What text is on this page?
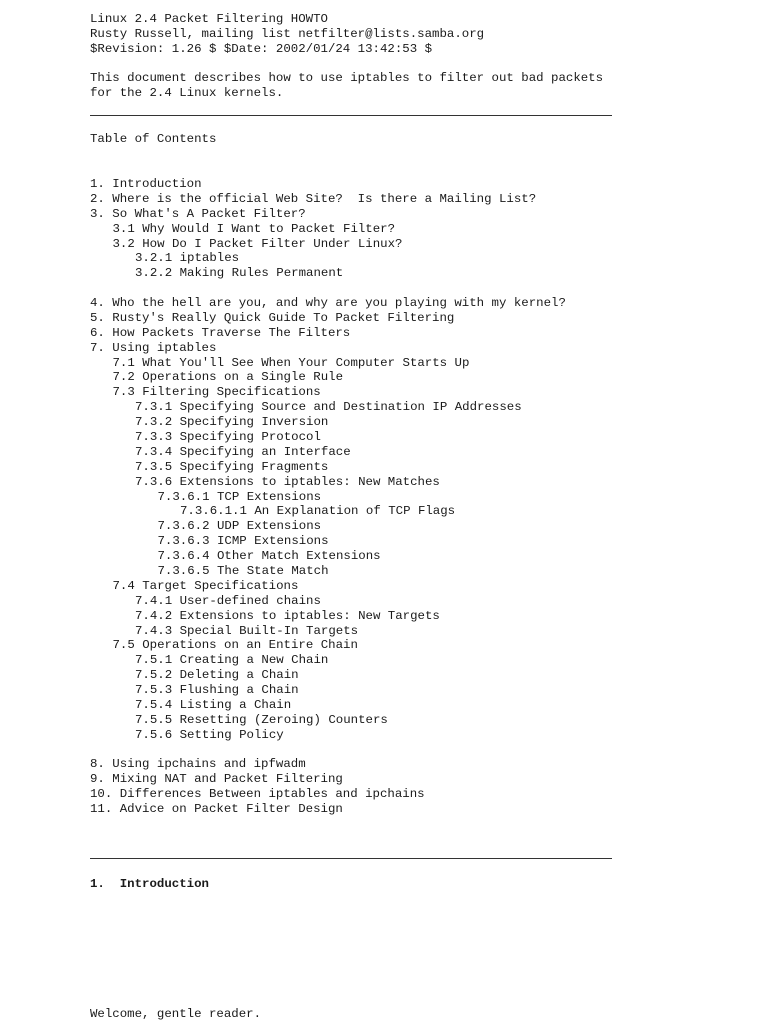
Linux 2.4 Packet Filtering HOWTO
Rusty Russell, mailing list netfilter@lists.samba.org
$Revision: 1.26 $ $Date: 2002/01/24 13:42:53 $
This document describes how to use iptables to filter out bad packets
for the 2.4 Linux kernels.
Table of Contents
1. Introduction
2. Where is the official Web Site?  Is there a Mailing List?
3. So What's A Packet Filter?
3.1 Why Would I Want to Packet Filter?
3.2 How Do I Packet Filter Under Linux?
3.2.1 iptables
3.2.2 Making Rules Permanent
4. Who the hell are you, and why are you playing with my kernel?
5. Rusty's Really Quick Guide To Packet Filtering
6. How Packets Traverse The Filters
7. Using iptables
7.1 What You'll See When Your Computer Starts Up
7.2 Operations on a Single Rule
7.3 Filtering Specifications
7.3.1 Specifying Source and Destination IP Addresses
7.3.2 Specifying Inversion
7.3.3 Specifying Protocol
7.3.4 Specifying an Interface
7.3.5 Specifying Fragments
7.3.6 Extensions to iptables: New Matches
7.3.6.1 TCP Extensions
7.3.6.1.1 An Explanation of TCP Flags
7.3.6.2 UDP Extensions
7.3.6.3 ICMP Extensions
7.3.6.4 Other Match Extensions
7.3.6.5 The State Match
7.4 Target Specifications
7.4.1 User-defined chains
7.4.2 Extensions to iptables: New Targets
7.4.3 Special Built-In Targets
7.5 Operations on an Entire Chain
7.5.1 Creating a New Chain
7.5.2 Deleting a Chain
7.5.3 Flushing a Chain
7.5.4 Listing a Chain
7.5.5 Resetting (Zeroing) Counters
7.5.6 Setting Policy
8. Using ipchains and ipfwadm
9. Mixing NAT and Packet Filtering
10. Differences Between iptables and ipchains
11. Advice on Packet Filter Design
1. Introduction
Welcome, gentle reader.
